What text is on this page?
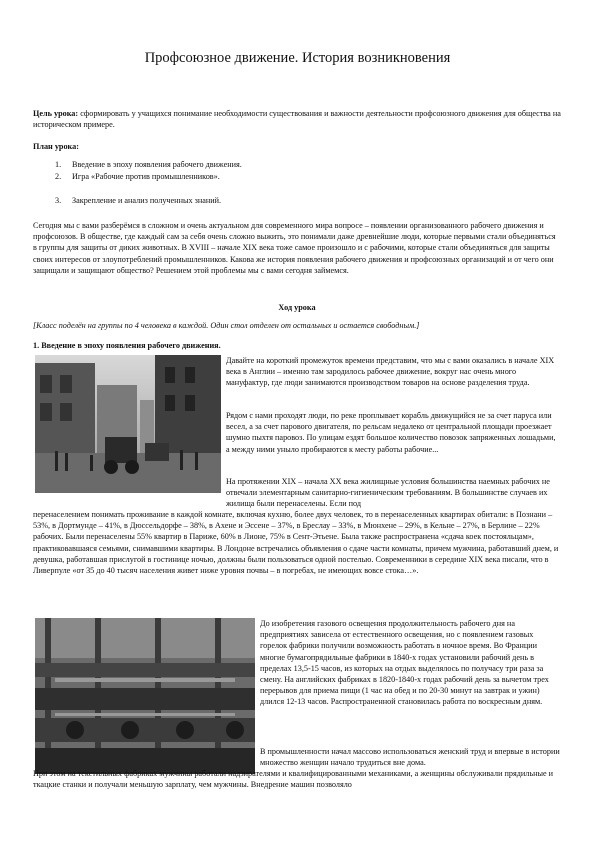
Профсоюзное движение. История возникновения
Цель урока: сформировать у учащихся понимание необходимости существования и важности деятельности профсоюзного движения для общества на историческом примере.
План урока:
1. Введение в эпоху появления рабочего движения.
2. Игра «Рабочие против промышленников».
3. Закрепление и анализ полученных знаний.
Сегодня мы с вами разберёмся в сложном и очень актуальном для современного мира вопросе – появлении организованного рабочего движения и профсоюзов. В обществе, где каждый сам за себя очень сложно выжить, это понимали даже древнейшие люди, которые первыми стали объединяться в группы для защиты от диких животных. В XVIII – начале XIX века тоже самое произошло и с рабочими, которые стали объединяться для защиты своих интересов от злоупотреблений промышленников. Какова же история появления рабочего движения и профсоюзных организаций и от чего они защищали и защищают общество? Решением этой проблемы мы с вами сегодня займемся.
Ход урока
[Класс поделён на группы по 4 человека в каждой. Один стол отделен от остальных и остается свободным.]
1. Введение в эпоху появления рабочего движения.
Давайте на короткий промежуток времени представим, что мы с вами оказались в начале XIX века в Англии – именно там зародилось рабочее движение, вокруг нас очень много мануфактур, где люди занимаются производством товаров на основе разделения труда.
Рядом с нами проходят люди, по реке проплывает корабль движущийся не за счет паруса или весел, а за счет парового двигателя, по рельсам недалеко от центральной площади проезжает шумно пыхтя паровоз. По улицам ездят большое количество повозок запряженных лошадьми, а между ними уныло пробираются к месту работы рабочие...
На протяжении XIX – начала XX века жилищные условия большинства наемных рабочих не отвечали элементарным санитарно-гигиеническим требованиям. В большинстве случаев их жилища были перенаселены. Если под
перенаселением понимать проживание в каждой комнате, включая кухню, более двух человек, то в перенаселенных квартирах обитали: в Познани – 53%, в Дортмунде – 41%, в Дюссельдорфе – 38%, в Ахене и Эссене – 37%, в Бреслау – 33%, в Мюнхене – 29%, в Кельне – 27%, в Берлине – 22% рабочих. Были перенаселены 55% квартир в Париже, 60% в Лионе, 75% в Сент-Этьене. Была также распространена «сдача коек постояльцам», практиковавшаяся семьями, снимавшими квартиры. В Лондоне встречались объявления о сдаче части комнаты, причем мужчина, работавший днем, и девушка, работавшая прислугой в гостинице ночью, должны были пользоваться одной постелью. Современники в середине XIX века писали, что в Ливерпуле «от 35 до 40 тысяч населения живет ниже уровня почвы – в погребах, не имеющих вовсе стока…».
До изобретения газового освещения продолжительность рабочего дня на предприятиях зависела от естественного освещения, но с появлением газовых горелок фабрики получили возможность работать в ночное время. Во Франции многие бумагопрядильные фабрики в 1840-х годах установили рабочий день в пределах 13,5-15 часов, из которых на отдых выделялось по получасу три раза за смену. На английских фабриках в 1820-1840-х годах рабочий день за вычетом трех перерывов для приема пищи (1 час на обед и по 20-30 минут на завтрак и ужин) длился 12-13 часов. Распространенной становилась работа по воскресным дням.
В промышленности начал массово использоваться женский труд и впервые в истории множество женщин начало трудиться вне дома.
При этом на текстильных фабриках мужчины работали надзирателями и квалифицированными механиками, а женщины обслуживали прядильные и ткацкие станки и получали меньшую зарплату, чем мужчины. Внедрение машин позволяло
